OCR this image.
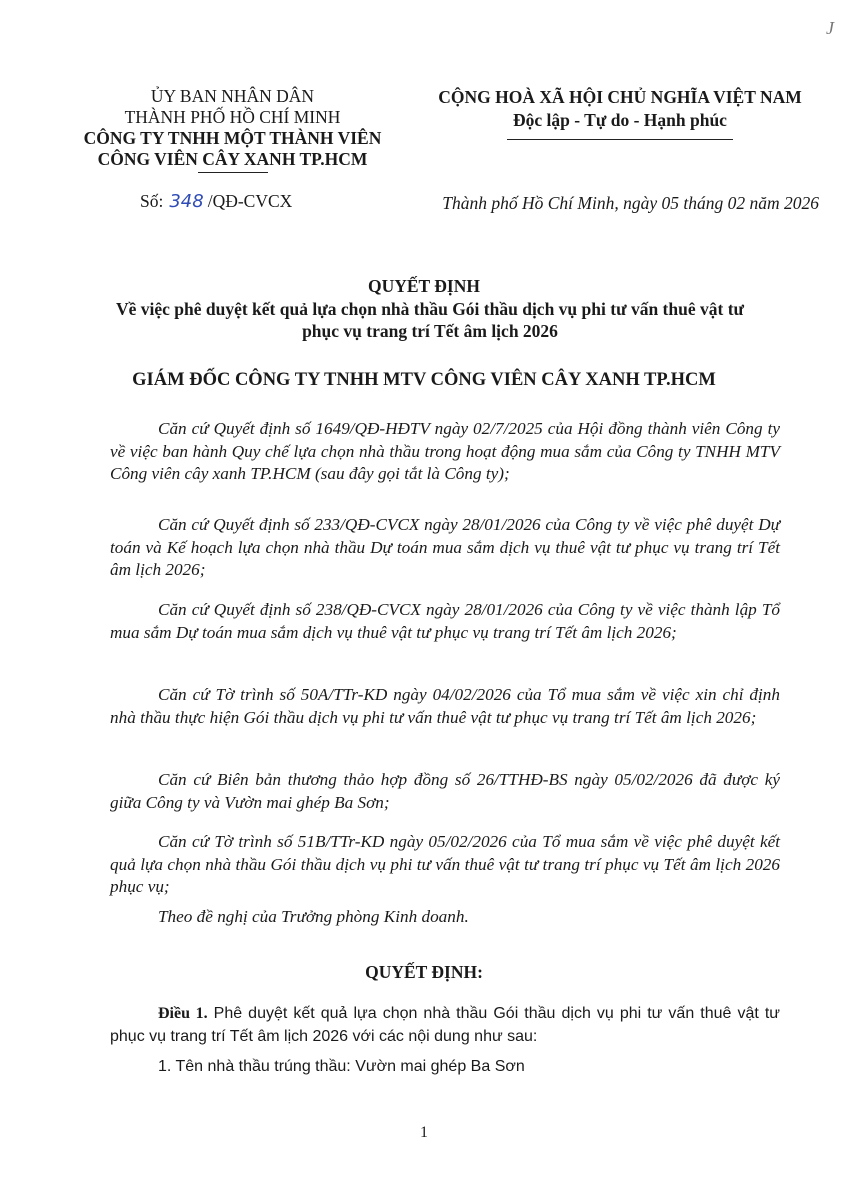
J
ỦY BAN NHÂN DÂN
THÀNH PHỐ HỒ CHÍ MINH
CÔNG TY TNHH MỘT THÀNH VIÊN
CÔNG VIÊN CÂY XANH TP.HCM
CỘNG HOÀ XÃ HỘI CHỦ NGHĨA VIỆT NAM
Độc lập - Tự do - Hạnh phúc
Số: 348 /QĐ-CVCX	Thành phố Hồ Chí Minh, ngày 05 tháng 02 năm 2026
QUYẾT ĐỊNH
Về việc phê duyệt kết quả lựa chọn nhà thầu Gói thầu dịch vụ phi tư vấn thuê vật tư phục vụ trang trí Tết âm lịch 2026
GIÁM ĐỐC CÔNG TY TNHH MTV CÔNG VIÊN CÂY XANH TP.HCM
Căn cứ Quyết định số 1649/QĐ-HĐTV ngày 02/7/2025 của Hội đồng thành viên Công ty về việc ban hành Quy chế lựa chọn nhà thầu trong hoạt động mua sắm của Công ty TNHH MTV Công viên cây xanh TP.HCM (sau đây gọi tắt là Công ty);
Căn cứ Quyết định số 233/QĐ-CVCX ngày 28/01/2026 của Công ty về việc phê duyệt Dự toán và Kế hoạch lựa chọn nhà thầu Dự toán mua sắm dịch vụ thuê vật tư phục vụ trang trí Tết âm lịch 2026;
Căn cứ Quyết định số 238/QĐ-CVCX ngày 28/01/2026 của Công ty về việc thành lập Tổ mua sắm Dự toán mua sắm dịch vụ thuê vật tư phục vụ trang trí Tết âm lịch 2026;
Căn cứ Tờ trình số 50A/TTr-KD ngày 04/02/2026 của Tổ mua sắm về việc xin chỉ định nhà thầu thực hiện Gói thầu dịch vụ phi tư vấn thuê vật tư phục vụ trang trí Tết âm lịch 2026;
Căn cứ Biên bản thương thảo hợp đồng số 26/TTHĐ-BS ngày 05/02/2026 đã được ký giữa Công ty và Vườn mai ghép Ba Sơn;
Căn cứ Tờ trình số 51B/TTr-KD ngày 05/02/2026 của Tổ mua sắm về việc phê duyệt kết quả lựa chọn nhà thầu Gói thầu dịch vụ phi tư vấn thuê vật tư trang trí phục vụ Tết âm lịch 2026 phục vụ;
Theo đề nghị của Trưởng phòng Kinh doanh.
QUYẾT ĐỊNH:
Điều 1. Phê duyệt kết quả lựa chọn nhà thầu Gói thầu dịch vụ phi tư vấn thuê vật tư phục vụ trang trí Tết âm lịch 2026 với các nội dung như sau:
1. Tên nhà thầu trúng thầu: Vườn mai ghép Ba Sơn
1
